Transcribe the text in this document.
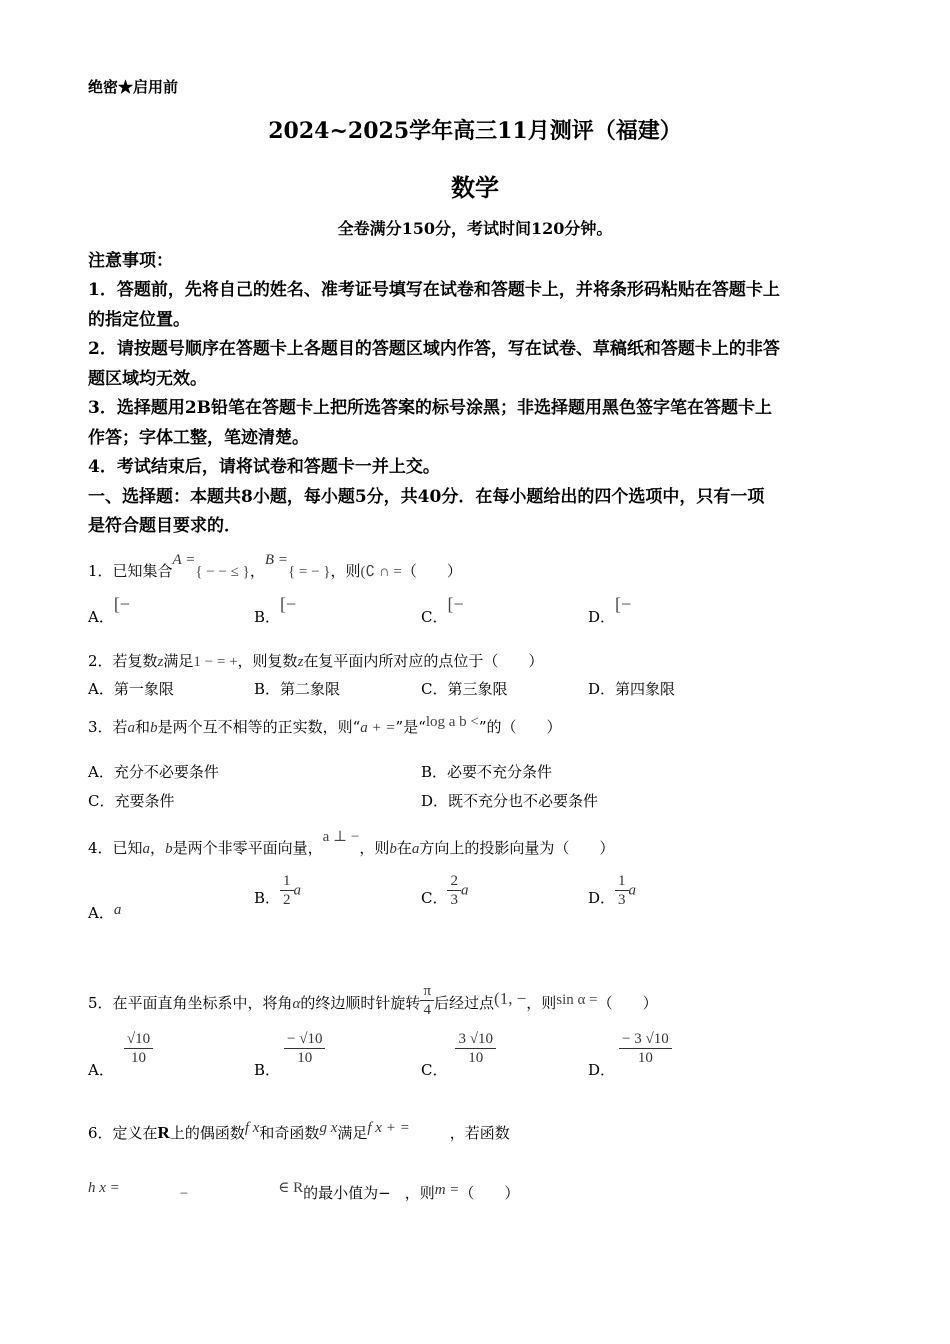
绝密★启用前
2024~2025学年高三11月测评（福建）
数学
全卷满分150分，考试时间120分钟。
注意事项：
1．答题前，先将自己的姓名、准考证号填写在试卷和答题卡上，并将条形码粘贴在答题卡上
的指定位置。
2．请按题号顺序在答题卡上各题目的答题区域内作答，写在试卷、草稿纸和答题卡上的非答
题区域均无效。
3．选择题用2B铅笔在答题卡上把所选答案的标号涂黑；非选择题用黑色签字笔在答题卡上
作答；字体工整，笔迹清楚。
4．考试结束后，请将试卷和答题卡一并上交。
一、选择题：本题共8小题，每小题5分，共40分．在每小题给出的四个选项中，只有一项
是符合题目要求的．
1．已知集合A ={ − − ≤ }，B ={ = − }，则(∁ ∩ =（　　）
A．[−
B．[−
C．[−
D．[−
2．若复数z满足1 − = +，则复数z在复平面内所对应的点位于（　　）
A．第一象限	B．第二象限	C．第三象限	D．第四象限
3．若a和b是两个互不相等的正实数，则“a + =”是“log a b <”的（　　）
A．充分不必要条件	B．必要不充分条件
C．充要条件	D．既不充分也不必要条件
4．已知a，b是两个非零平面向量，a ⊥ −，则b在a方向上的投影向量为（　　）
A．a
B． $\frac{1}{2}$ a	C． $\frac{2}{3}$ a	D． $\frac{1}{3}$ a
5．在平面直角坐标系中，将角α的终边顺时针旋转 $\frac{\pi}{4}$ 后经过点(1, −，则sin α =（　　）
A．
$\frac{√10}{10}$
B．
$\frac{- √10}{10}$
C．
$\frac{3 √10}{10}$
D．
$\frac{- 3 √10}{10}$
6．定义在R上的偶函数f x和奇函数g x满足f x + =	，若函数
h x =	−	∈ R的最小值为− ，则m =（　　）
